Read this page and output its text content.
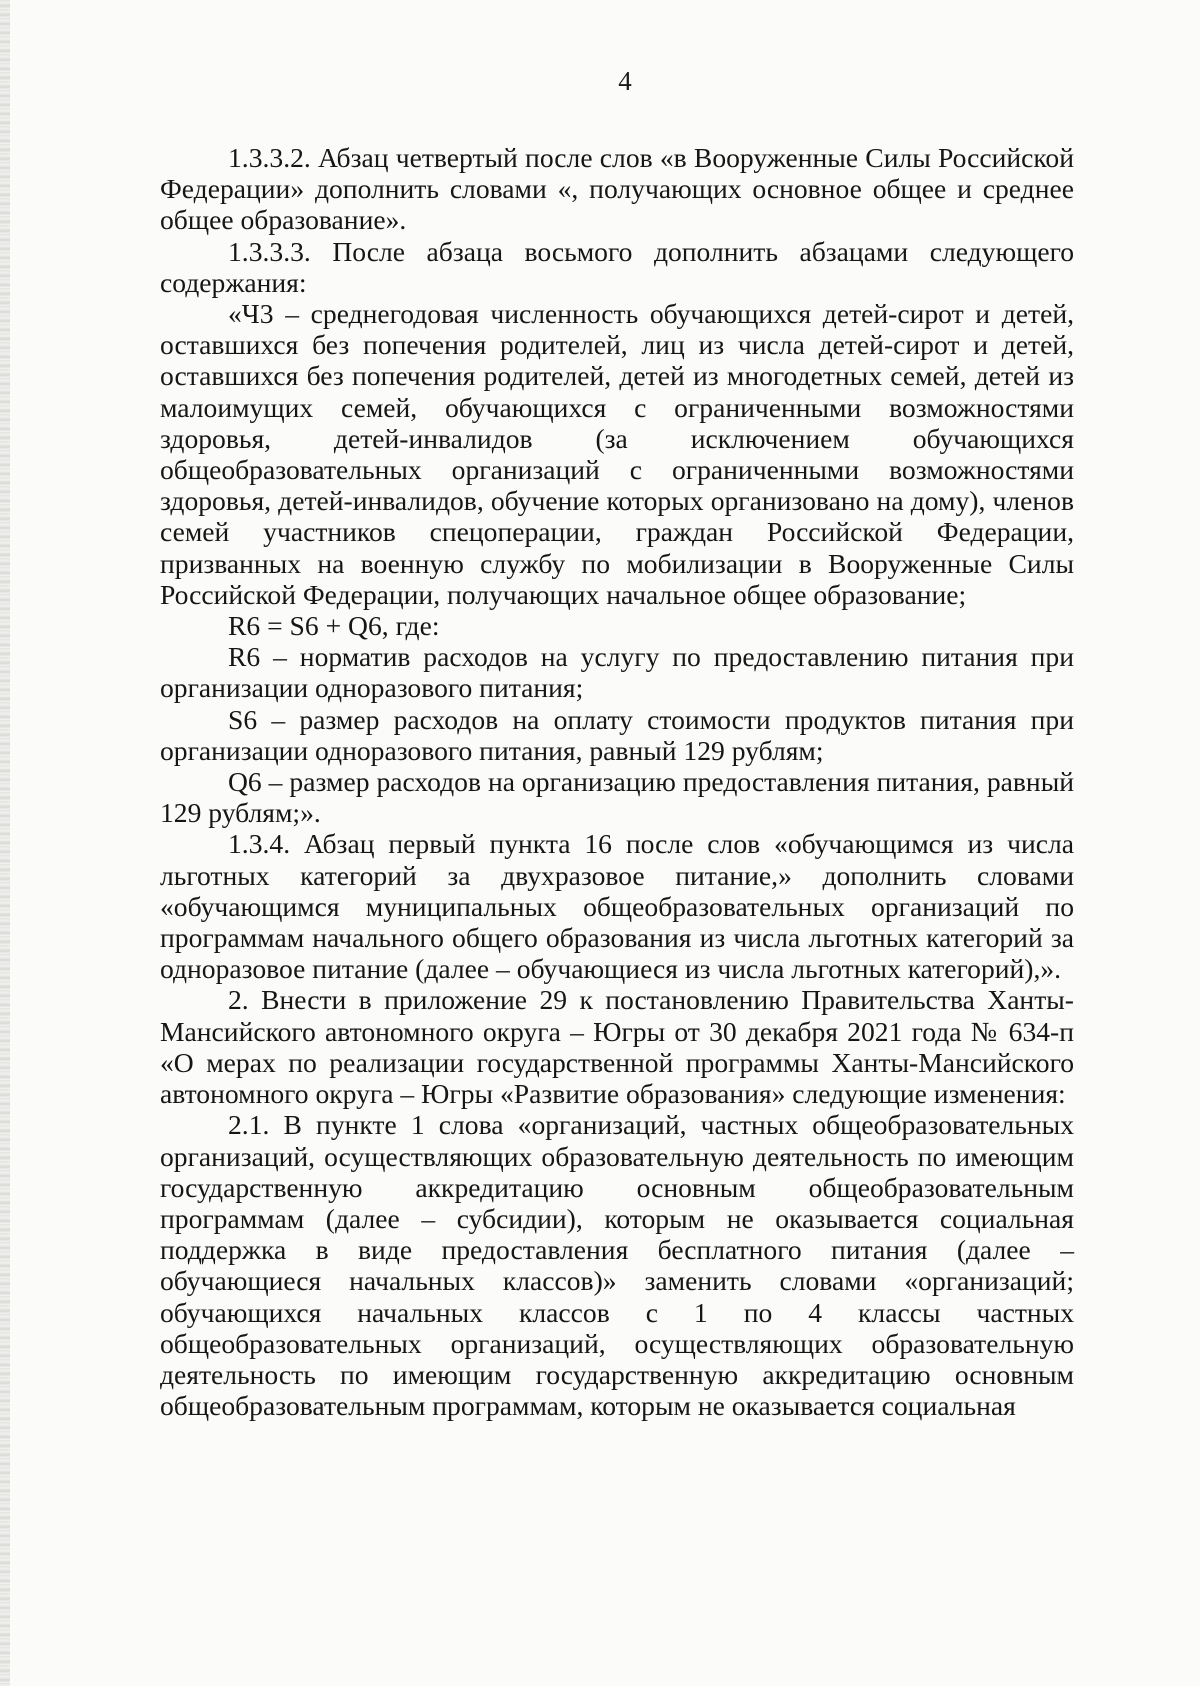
4

1.3.3.2. Абзац четвертый после слов «в Вооруженные Силы Российской Федерации» дополнить словами «, получающих основное общее и среднее общее образование».

1.3.3.3. После абзаца восьмого дополнить абзацами следующего содержания:

«Ч3 – среднегодовая численность обучающихся детей-сирот и детей, оставшихся без попечения родителей, лиц из числа детей-сирот и детей, оставшихся без попечения родителей, детей из многодетных семей, детей из малоимущих семей, обучающихся с ограниченными возможностями здоровья, детей-инвалидов (за исключением обучающихся общеобразовательных организаций с ограниченными возможностями здоровья, детей-инвалидов, обучение которых организовано на дому), членов семей участников спецоперации, граждан Российской Федерации, призванных на военную службу по мобилизации в Вооруженные Силы Российской Федерации, получающих начальное общее образование;

R6 = S6 + Q6, где:

R6 – норматив расходов на услугу по предоставлению питания при организации одноразового питания;

S6 – размер расходов на оплату стоимости продуктов питания при организации одноразового питания, равный 129 рублям;

Q6 – размер расходов на организацию предоставления питания, равный 129 рублям;».

1.3.4. Абзац первый пункта 16 после слов «обучающимся из числа льготных категорий за двухразовое питание,» дополнить словами «обучающимся муниципальных общеобразовательных организаций по программам начального общего образования из числа льготных категорий за одноразовое питание (далее – обучающиеся из числа льготных категорий),».

2. Внести в приложение 29 к постановлению Правительства Ханты-Мансийского автономного округа – Югры от 30 декабря 2021 года № 634-п «О мерах по реализации государственной программы Ханты-Мансийского автономного округа – Югры «Развитие образования» следующие изменения:

2.1. В пункте 1 слова «организаций, частных общеобразовательных организаций, осуществляющих образовательную деятельность по имеющим государственную аккредитацию основным общеобразовательным программам (далее – субсидии), которым не оказывается социальная поддержка в виде предоставления бесплатного питания (далее – обучающиеся начальных классов)» заменить словами «организаций; обучающихся начальных классов с 1 по 4 классы частных общеобразовательных организаций, осуществляющих образовательную деятельность по имеющим государственную аккредитацию основным общеобразовательным программам, которым не оказывается социальная
